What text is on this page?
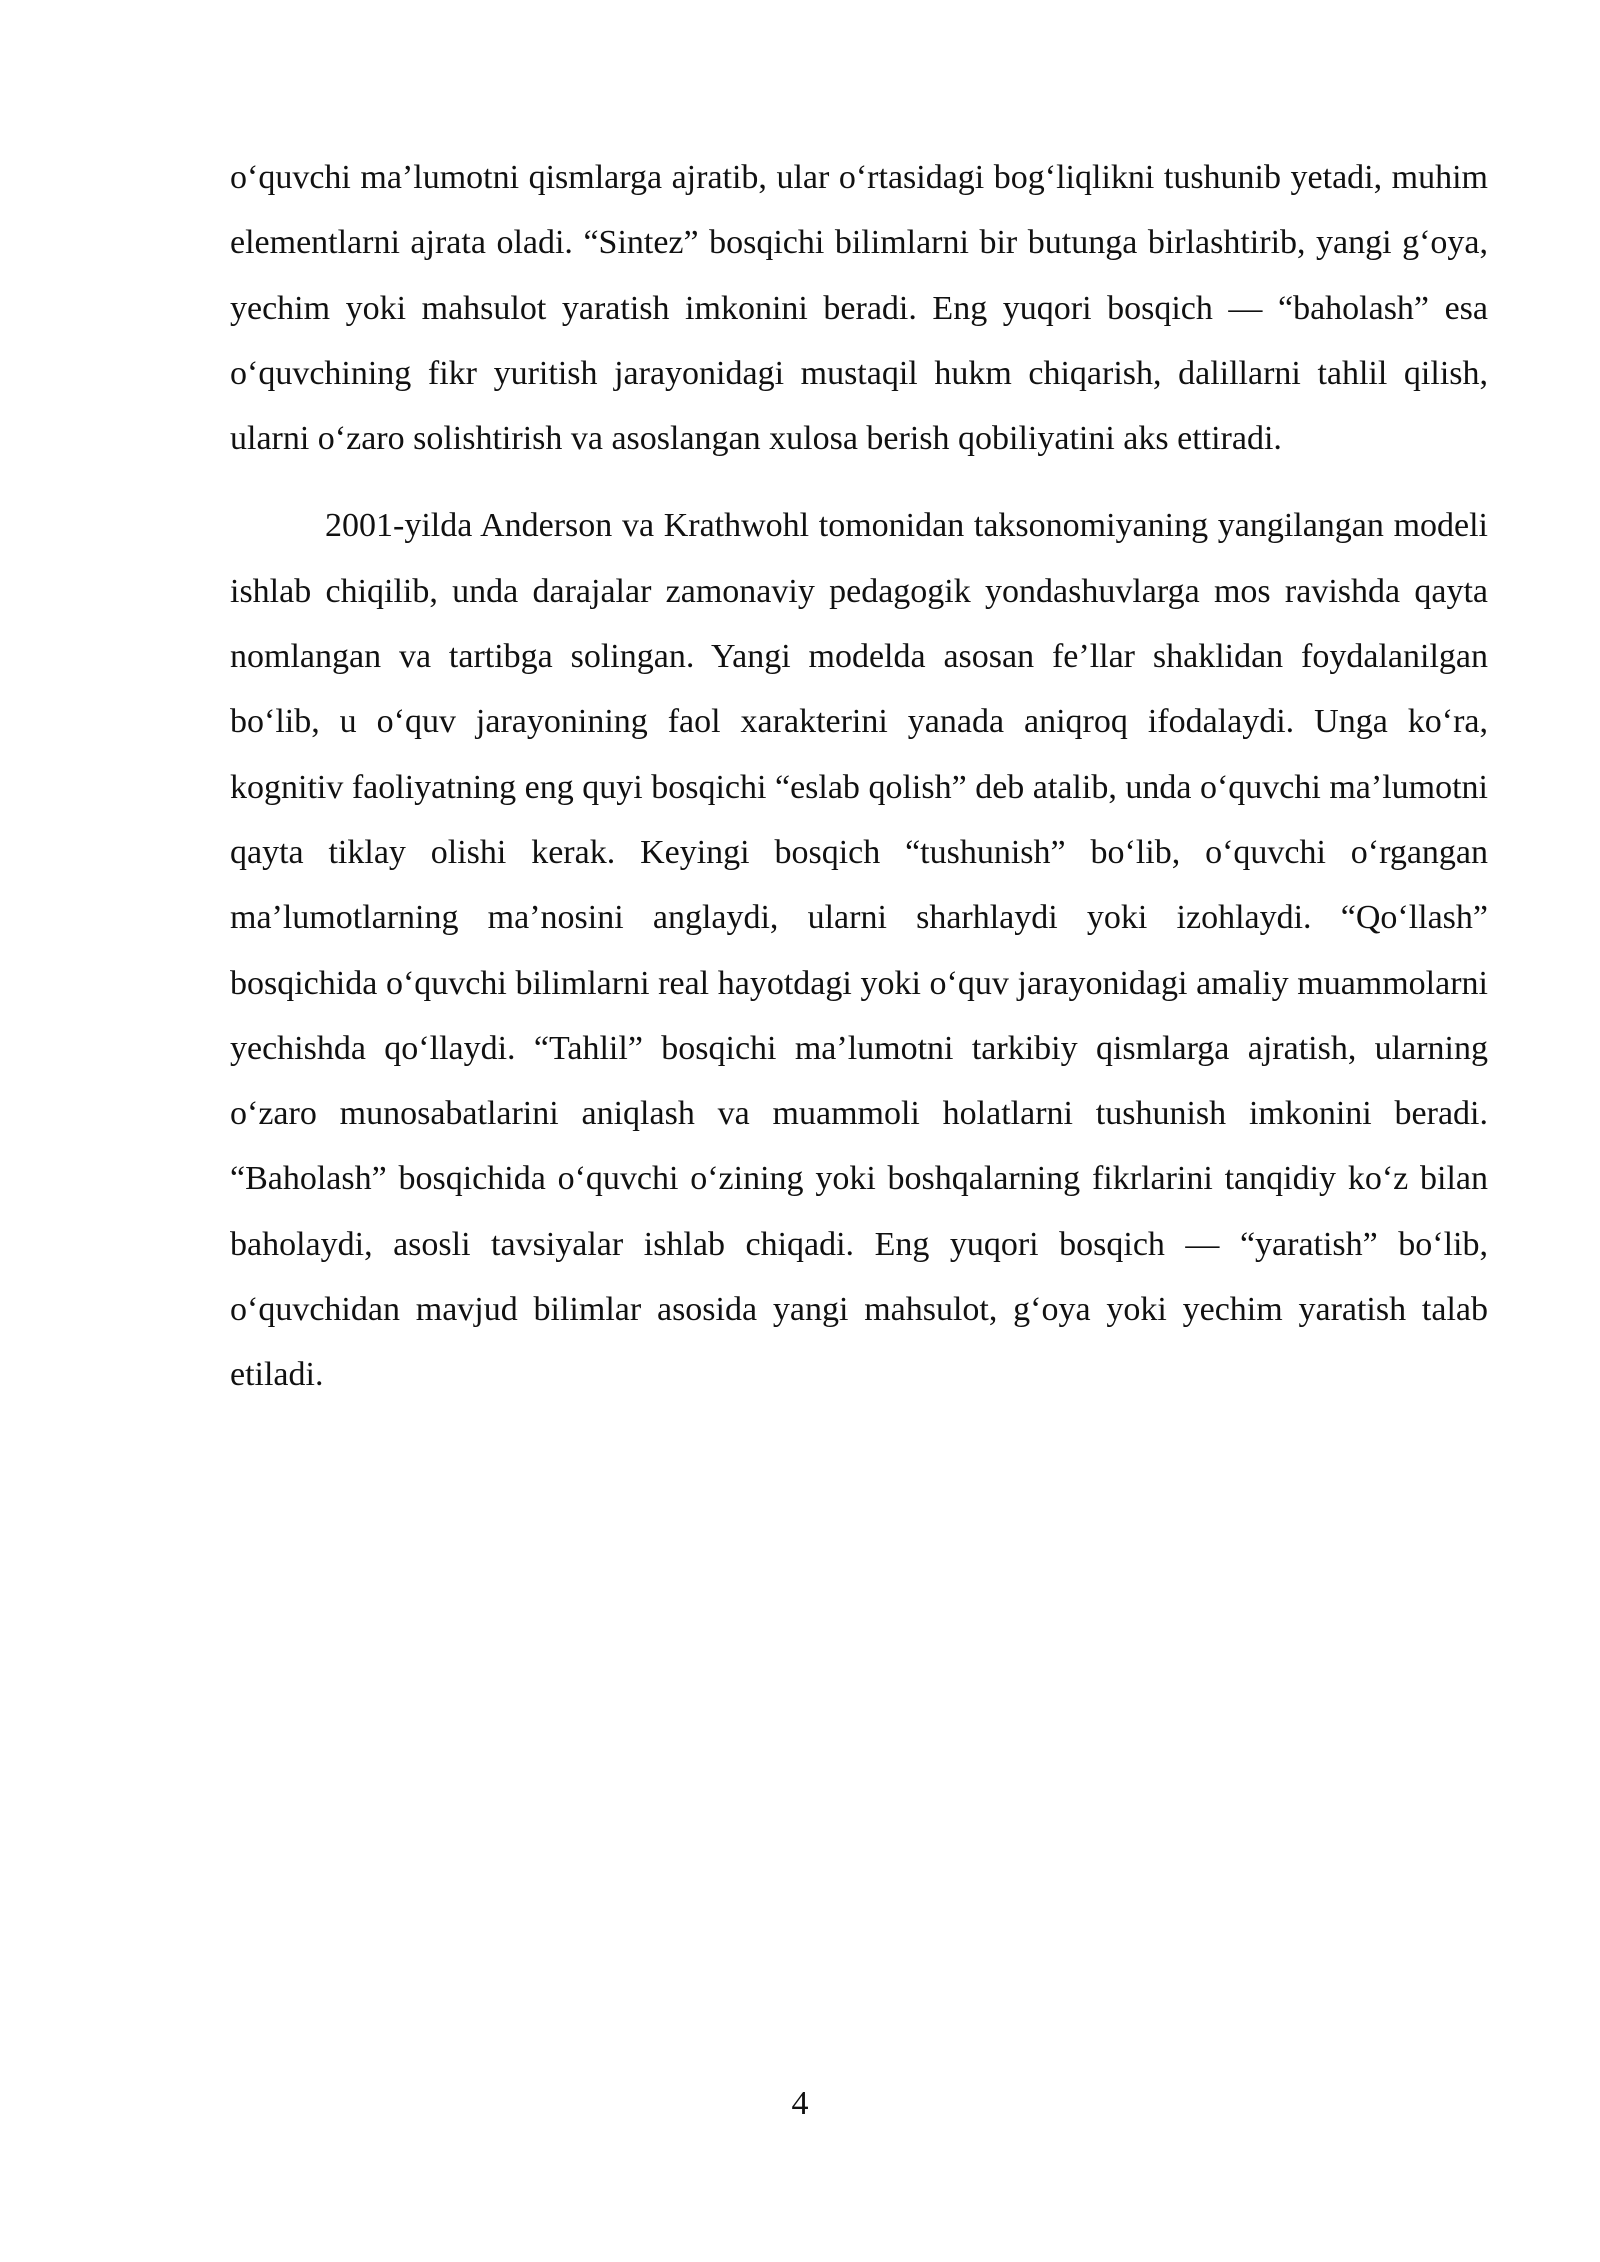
o‘quvchi ma’lumotni qismlarga ajratib, ular o‘rtasidagi bog‘liqlikni tushunib yetadi, muhim elementlarni ajrata oladi. “Sintez” bosqichi bilimlarni bir butunga birlashtirib, yangi g‘oya, yechim yoki mahsulot yaratish imkonini beradi. Eng yuqori bosqich — “baholash” esa o‘quvchining fikr yuritish jarayonidagi mustaqil hukm chiqarish, dalillarni tahlil qilish, ularni o‘zaro solishtirish va asoslangan xulosa berish qobiliyatini aks ettiradi.

2001-yilda Anderson va Krathwohl tomonidan taksonomiyaning yangilangan modeli ishlab chiqilib, unda darajalar zamonaviy pedagogik yondashuvlarga mos ravishda qayta nomlangan va tartibga solingan. Yangi modelda asosan fe’llar shaklidan foydalanilgan bo‘lib, u o‘quv jarayonining faol xarakterini yanada aniqroq ifodalaydi. Unga ko‘ra, kognitiv faoliyatning eng quyi bosqichi “eslab qolish” deb atalib, unda o‘quvchi ma’lumotni qayta tiklay olishi kerak. Keyingi bosqich “tushunish” bo‘lib, o‘quvchi o‘rgangan ma’lumotlarning ma’nosini anglaydi, ularni sharhlaydi yoki izohlaydi. “Qo‘llash” bosqichida o‘quvchi bilimlarni real hayotdagi yoki o‘quv jarayonidagi amaliy muammolarni yechishda qo‘llaydi. “Tahlil” bosqichi ma’lumotni tarkibiy qismlarga ajratish, ularning o‘zaro munosabatlarini aniqlash va muammoli holatlarni tushunish imkonini beradi. “Baholash” bosqichida o‘quvchi o‘zining yoki boshqalarning fikrlarini tanqidiy ko‘z bilan baholaydi, asosli tavsiyalar ishlab chiqadi. Eng yuqori bosqich — “yaratish” bo‘lib, o‘quvchidan mavjud bilimlar asosida yangi mahsulot, g‘oya yoki yechim yaratish talab etiladi.

4
